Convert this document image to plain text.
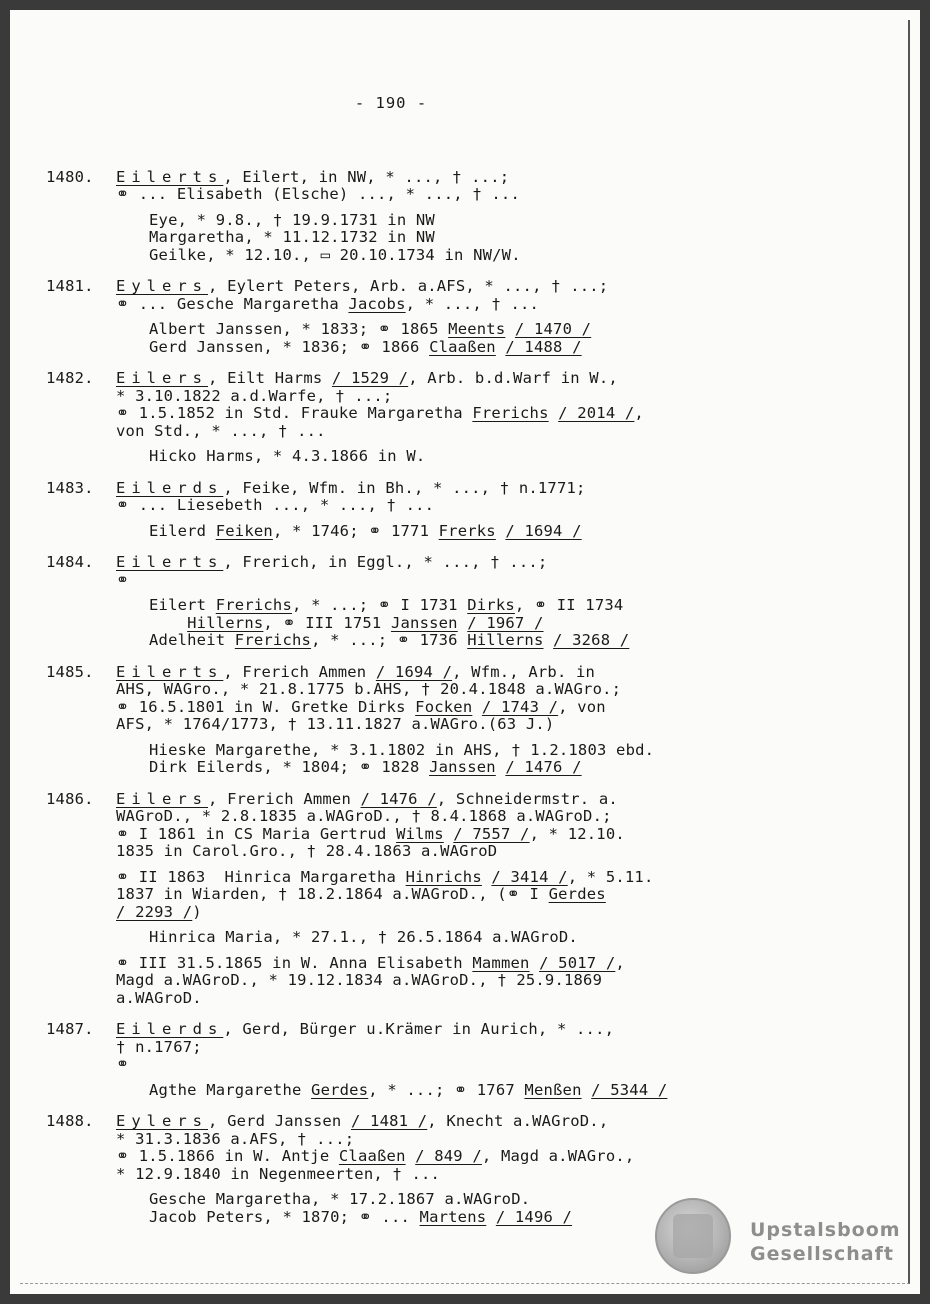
- 190 -

1480. Eilerts, Eilert, in NW, * ..., † ...;
⚭ ... Elisabeth (Elsche) ..., * ..., † ...
Eye, * 9.8., † 19.9.1731 in NW
Margaretha, * 11.12.1732 in NW
Geilke, * 12.10., ▭ 20.10.1734 in NW/W.
1481. Eylers, Eylert Peters, Arb. a.AFS, * ..., † ...;
⚭ ... Gesche Margaretha Jacobs, * ..., † ...
Albert Janssen, * 1833; ⚭ 1865 Meents / 1470 /
Gerd Janssen, * 1836; ⚭ 1866 Claaßen / 1488 /
1482. Eilers, Eilt Harms / 1529 /, Arb. b.d.Warf in W.,
* 3.10.1822 a.d.Warfe, † ...;
⚭ 1.5.1852 in Std. Frauke Margaretha Frerichs / 2014 /,
von Std., * ..., † ...
Hicko Harms, * 4.3.1866 in W.
1483. Eilerds, Feike, Wfm. in Bh., * ..., † n.1771;
⚭ ... Liesebeth ..., * ..., † ...
Eilerd Feiken, * 1746; ⚭ 1771 Frerks / 1694 /
1484. Eilerts, Frerich, in Eggl., * ..., † ...;
⚭
Eilert Frerichs, * ...; ⚭ I 1731 Dirks, ⚭ II 1734
Hillerns, ⚭ III 1751 Janssen / 1967 /
Adelheit Frerichs, * ...; ⚭ 1736 Hillerns / 3268 /
1485. Eilerts, Frerich Ammen / 1694 /, Wfm., Arb. in
AHS, WAGro., * 21.8.1775 b.AHS, † 20.4.1848 a.WAGro.;
⚭ 16.5.1801 in W. Gretke Dirks Focken / 1743 /, von
AFS, * 1764/1773, † 13.11.1827 a.WAGro.(63 J.)
Hieske Margarethe, * 3.1.1802 in AHS, † 1.2.1803 ebd.
Dirk Eilerds, * 1804; ⚭ 1828 Janssen / 1476 /
1486. Eilers, Frerich Ammen / 1476 /, Schneidermstr. a.
WAGroD., * 2.8.1835 a.WAGroD., † 8.4.1868 a.WAGroD.;
⚭ I 1861 in CS Maria Gertrud Wilms / 7557 /, * 12.10.
1835 in Carol.Gro., † 28.4.1863 a.WAGroD
⚭ II 1863  Hinrica Margaretha Hinrichs / 3414 /, * 5.11.
1837 in Wiarden, † 18.2.1864 a.WAGroD., (⚭ I Gerdes
/ 2293 /)
Hinrica Maria, * 27.1., † 26.5.1864 a.WAGroD.
⚭ III 31.5.1865 in W. Anna Elisabeth Mammen / 5017 /,
Magd a.WAGroD., * 19.12.1834 a.WAGroD., † 25.9.1869
a.WAGroD.
1487. Eilerds, Gerd, Bürger u.Krämer in Aurich, * ...,
† n.1767;
⚭
Agthe Margarethe Gerdes, * ...; ⚭ 1767 Menßen / 5344 /
1488. Eylers, Gerd Janssen / 1481 /, Knecht a.WAGroD.,
* 31.3.1836 a.AFS, † ...;
⚭ 1.5.1866 in W. Antje Claaßen / 849 /, Magd a.WAGro.,
* 12.9.1840 in Negenmeerten, † ...
Gesche Margaretha, * 17.2.1867 a.WAGroD.
Jacob Peters, * 1870; ⚭ ... Martens / 1496 /

Upstalsboom
Gesellschaft
